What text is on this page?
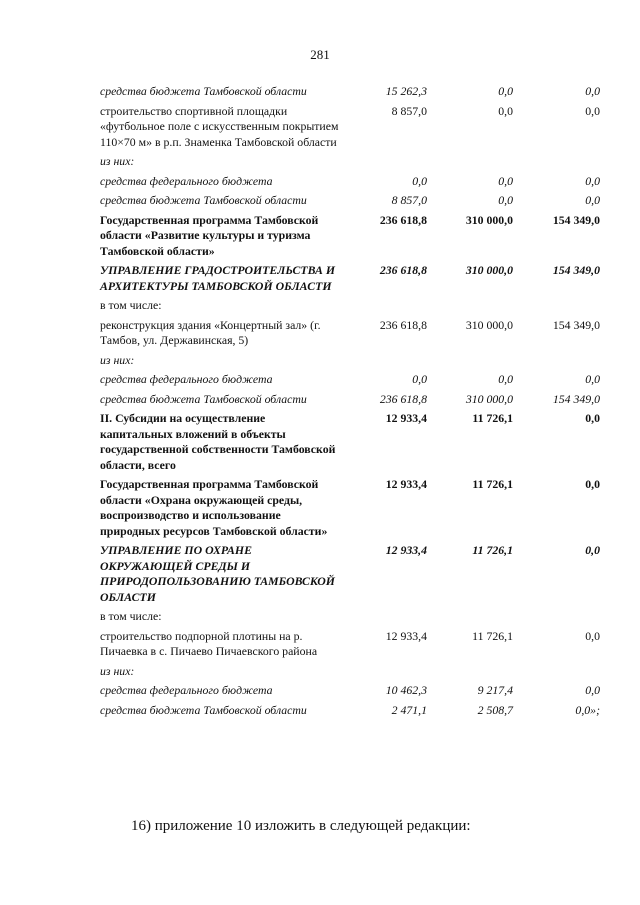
281
средства бюджета Тамбовской области	15 262,3	0,0	0,0
строительство спортивной площадки «футбольное поле с искусственным покрытием 110×70 м» в р.п. Знаменка Тамбовской области	8 857,0	0,0	0,0
из них:			
средства федерального бюджета	0,0	0,0	0,0
средства бюджета Тамбовской области	8 857,0	0,0	0,0
Государственная программа Тамбовской области «Развитие культуры и туризма Тамбовской области»	236 618,8	310 000,0	154 349,0
УПРАВЛЕНИЕ ГРАДОСТРОИТЕЛЬСТВА И АРХИТЕКТУРЫ ТАМБОВСКОЙ ОБЛАСТИ	236 618,8	310 000,0	154 349,0
в том числе:			
реконструкция здания «Концертный зал» (г. Тамбов, ул. Державинская, 5)	236 618,8	310 000,0	154 349,0
из них:			
средства федерального бюджета	0,0	0,0	0,0
средства бюджета Тамбовской области	236 618,8	310 000,0	154 349,0
II. Субсидии на осуществление капитальных вложений в объекты государственной собственности Тамбовской области, всего	12 933,4	11 726,1	0,0
Государственная программа Тамбовской области «Охрана окружающей среды, воспроизводство и использование природных ресурсов Тамбовской области»	12 933,4	11 726,1	0,0
УПРАВЛЕНИЕ ПО ОХРАНЕ ОКРУЖАЮЩЕЙ СРЕДЫ И ПРИРОДОПОЛЬЗОВАНИЮ ТАМБОВСКОЙ ОБЛАСТИ	12 933,4	11 726,1	0,0
в том числе:			
строительство подпорной плотины на р. Пичаевка в с. Пичаево Пичаевского района	12 933,4	11 726,1	0,0
из них:			
средства федерального бюджета	10 462,3	9 217,4	0,0
средства бюджета Тамбовской области	2 471,1	2 508,7	0,0»;
16) приложение 10 изложить в следующей редакции:
